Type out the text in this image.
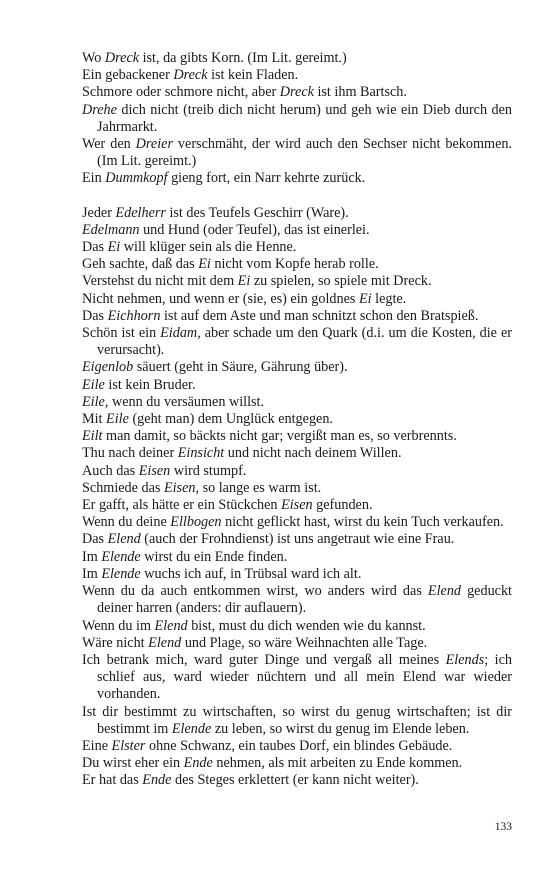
Wo Dreck ist, da gibts Korn. (Im Lit. gereimt.)

Ein gebackener Dreck ist kein Fladen.

Schmore oder schmore nicht, aber Dreck ist ihm Bartsch.

Drehe dich nicht (treib dich nicht herum) und geh wie ein Dieb durch den Jahrmarkt.

Wer den Dreier verschmäht, der wird auch den Sechser nicht bekommen. (Im Lit. gereimt.)

Ein Dummkopf gieng fort, ein Narr kehrte zurück.

Jeder Edelherr ist des Teufels Geschirr (Ware).

Edelmann und Hund (oder Teufel), das ist einerlei.

Das Ei will klüger sein als die Henne.

Geh sachte, daß das Ei nicht vom Kopfe herab rolle.

Verstehst du nicht mit dem Ei zu spielen, so spiele mit Dreck.

Nicht nehmen, und wenn er (sie, es) ein goldnes Ei legte.

Das Eichhorn ist auf dem Aste und man schnitzt schon den Bratspieß.

Schön ist ein Eidam, aber schade um den Quark (d.i. um die Kosten, die er verursacht).

Eigenlob säuert (geht in Säure, Gährung über).

Eile ist kein Bruder.

Eile, wenn du versäumen willst.

Mit Eile (geht man) dem Unglück entgegen.

Eilt man damit, so bäckts nicht gar; vergißt man es, so verbrennts.

Thu nach deiner Einsicht und nicht nach deinem Willen.

Auch das Eisen wird stumpf.

Schmiede das Eisen, so lange es warm ist.

Er gafft, als hätte er ein Stückchen Eisen gefunden.

Wenn du deine Ellbogen nicht geflickt hast, wirst du kein Tuch verkaufen.

Das Elend (auch der Frohndienst) ist uns angetraut wie eine Frau.

Im Elende wirst du ein Ende finden.

Im Elende wuchs ich auf, in Trübsal ward ich alt.

Wenn du da auch entkommen wirst, wo anders wird das Elend geduckt deiner harren (anders: dir auflauern).

Wenn du im Elend bist, must du dich wenden wie du kannst.

Wäre nicht Elend und Plage, so wäre Weihnachten alle Tage.

Ich betrank mich, ward guter Dinge und vergaß all meines Elends; ich schlief aus, ward wieder nüchtern und all mein Elend war wieder vorhanden.

Ist dir bestimmt zu wirtschaften, so wirst du genug wirtschaften; ist dir bestimmt im Elende zu leben, so wirst du genug im Elende leben.

Eine Elster ohne Schwanz, ein taubes Dorf, ein blindes Gebäude.

Du wirst eher ein Ende nehmen, als mit arbeiten zu Ende kommen.

Er hat das Ende des Steges erklettert (er kann nicht weiter).

133
